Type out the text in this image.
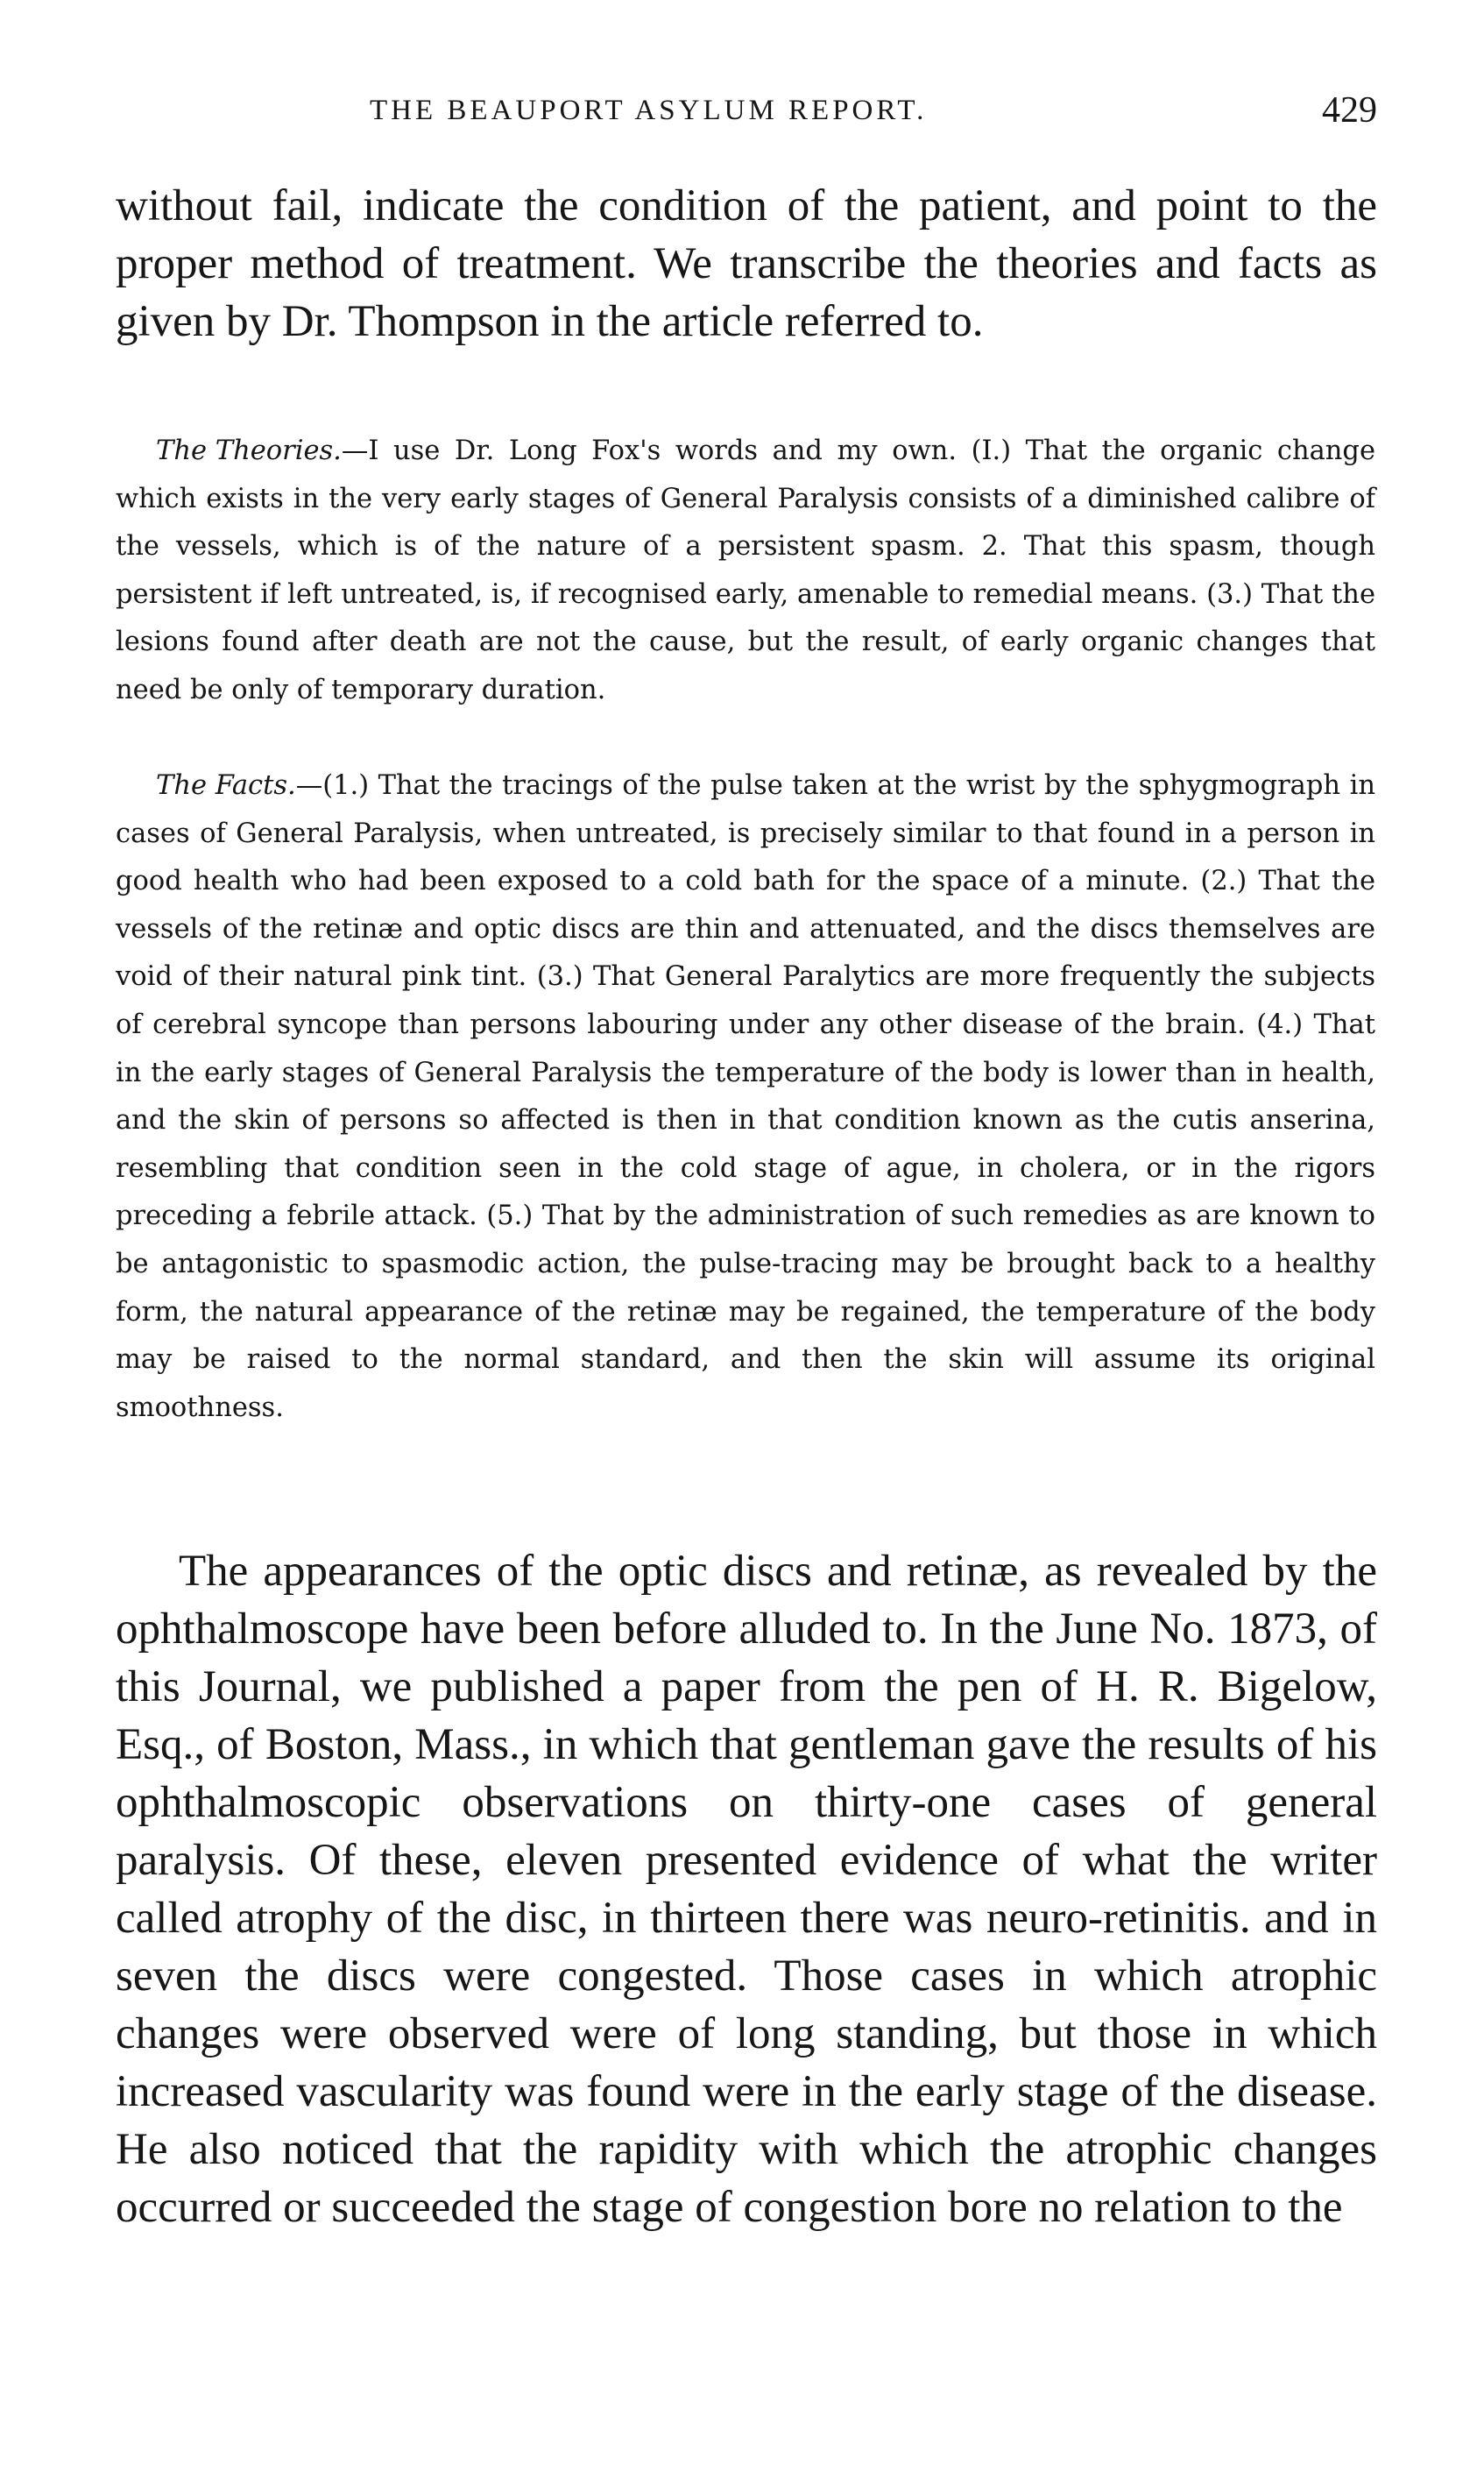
THE BEAUPORT ASYLUM REPORT.	429

without fail, indicate the condition of the patient, and point to the proper method of treatment. We transcribe the theories and facts as given by Dr. Thompson in the article referred to.

The Theories.—I use Dr. Long Fox's words and my own. (I.) That the organic change which exists in the very early stages of General Paralysis consists of a diminished calibre of the vessels, which is of the nature of a persistent spasm. 2. That this spasm, though persistent if left untreated, is, if recognised early, amenable to remedial means. (3.) That the lesions found after death are not the cause, but the result, of early organic changes that need be only of temporary duration.

The Facts.—(1.) That the tracings of the pulse taken at the wrist by the sphygmograph in cases of General Paralysis, when untreated, is precisely similar to that found in a person in good health who had been exposed to a cold bath for the space of a minute. (2.) That the vessels of the retinæ and optic discs are thin and attenuated, and the discs themselves are void of their natural pink tint. (3.) That General Paralytics are more frequently the subjects of cerebral syncope than persons labouring under any other disease of the brain. (4.) That in the early stages of General Paralysis the temperature of the body is lower than in health, and the skin of persons so affected is then in that condition known as the cutis anserina, resembling that condition seen in the cold stage of ague, in cholera, or in the rigors preceding a febrile attack. (5.) That by the administration of such remedies as are known to be antagonistic to spasmodic action, the pulse-tracing may be brought back to a healthy form, the natural appearance of the retinæ may be regained, the temperature of the body may be raised to the normal standard, and then the skin will assume its original smoothness.

The appearances of the optic discs and retinæ, as revealed by the ophthalmoscope have been before alluded to. In the June No. 1873, of this Journal, we published a paper from the pen of H. R. Bigelow, Esq., of Boston, Mass., in which that gentleman gave the results of his ophthalmoscopic observations on thirty-one cases of general paralysis. Of these, eleven presented evidence of what the writer called atrophy of the disc, in thirteen there was neuro-retinitis. and in seven the discs were congested. Those cases in which atrophic changes were observed were of long standing, but those in which increased vascularity was found were in the early stage of the disease. He also noticed that the rapidity with which the atrophic changes occurred or succeeded the stage of congestion bore no relation to the
